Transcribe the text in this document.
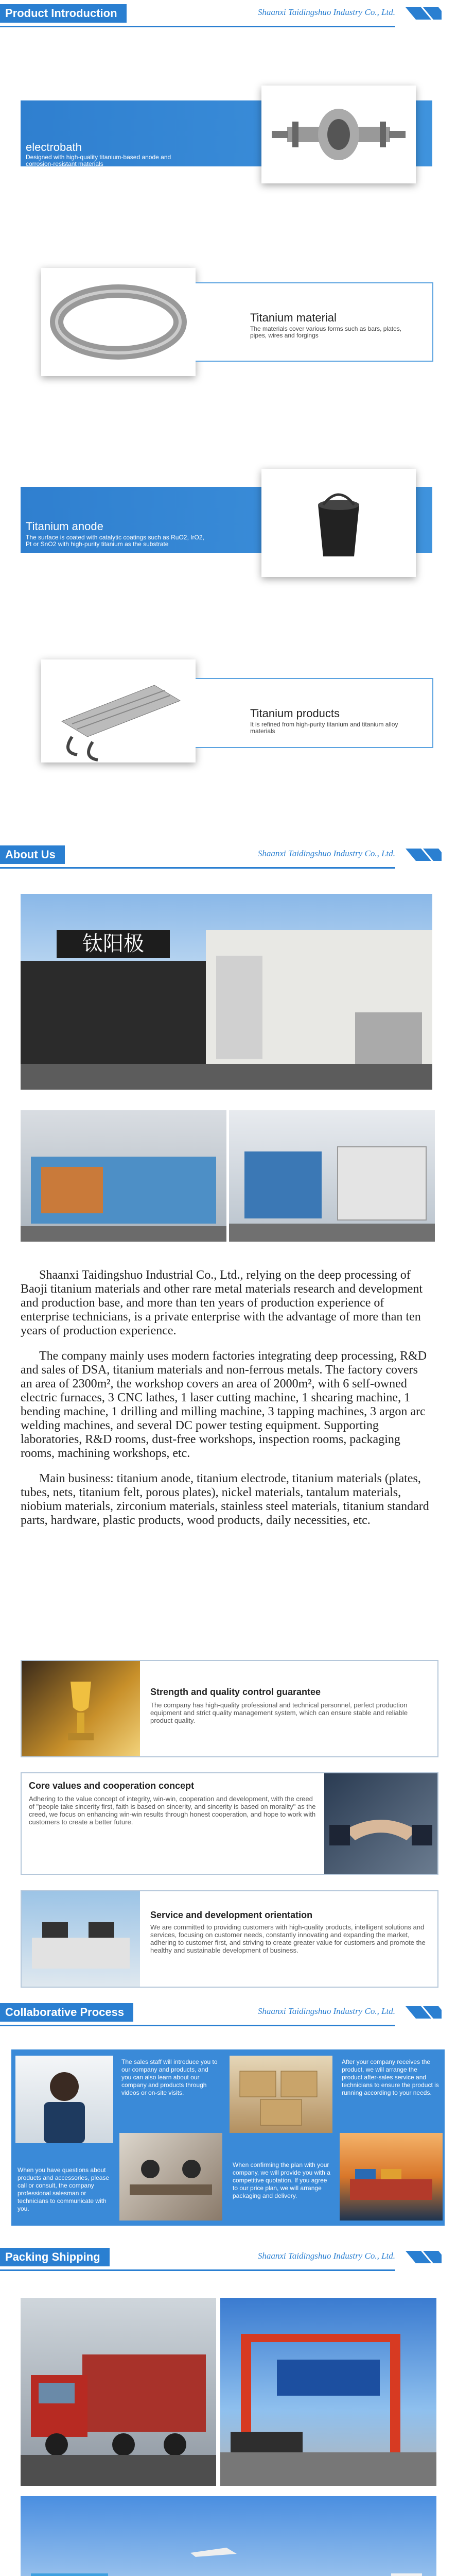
Product Introduction	Shaanxi Taidingshuo Industry Co., Ltd.
electrobath
Designed with high-quality titanium-based anode and corrosion-resistant materials
Titanium material
The materials cover various forms such as bars, plates, pipes, wires and forgings
Titanium anode
The surface is coated with catalytic coatings such as RuO2, IrO2, Pt or SnO2 with high-purity titanium as the substrate
Titanium products
It is refined from high-purity titanium and titanium alloy materials
About Us	Shaanxi Taidingshuo Industry Co., Ltd.
钛阳极

Shaanxi Taidingshuo Industrial Co., Ltd., relying on the deep processing of Baoji titanium materials and other rare metal materials research and development and production base, and more than ten years of production experience of enterprise technicians, is a private enterprise with the advantage of more than ten years of production experience.

The company mainly uses modern factories integrating deep processing, R&D and sales of DSA, titanium materials and non-ferrous metals. The factory covers an area of 2300m², the workshop covers an area of 2000m², with 6 self-owned electric furnaces, 3 CNC lathes, 1 laser cutting machine, 1 shearing machine, 1 bending machine, 1 drilling and milling machine, 3 tapping machines, 3 argon arc welding machines, and several DC power testing equipment. Supporting laboratories, R&D rooms, dust-free workshops, inspection rooms, packaging rooms, machining workshops, etc.

Main business: titanium anode, titanium electrode, titanium materials (plates, tubes, nets, titanium felt, porous plates), nickel materials, tantalum materials, niobium materials, zirconium materials, stainless steel materials, titanium standard parts, hardware, plastic products, wood products, daily necessities, etc.

Strength and quality control guarantee
The company has high-quality professional and technical personnel, perfect production equipment and strict quality management system, which can ensure stable and reliable product quality.
Core values and cooperation concept
Adhering to the value concept of integrity, win-win, cooperation and development, with the creed of "people take sincerity first, faith is based on sincerity, and sincerity is based on morality" as the creed, we focus on enhancing win-win results through honest cooperation, and hope to work with customers to create a better future.
Service and development orientation
We are committed to providing customers with high-quality products, intelligent solutions and services, focusing on customer needs, constantly innovating and expanding the market, adhering to customer first, and striving to create greater value for customers and promote the healthy and sustainable development of business.
Collaborative Process	Shaanxi Taidingshuo Industry Co., Ltd.
When you have questions about products and accessories, please call or consult, the company professional salesman or technicians to communicate with you.
The sales staff will introduce you to our company and products, and you can also learn about our company and products through videos or on-site visits.
When confirming the plan with your company, we will provide you with a competitive quotation. If you agree to our price plan, we will arrange packaging and delivery.
After your company receives the product, we will arrange the product after-sales service and technicians to ensure the product is running according to your needs.
Packing Shipping	Shaanxi Taidingshuo Industry Co., Ltd.
